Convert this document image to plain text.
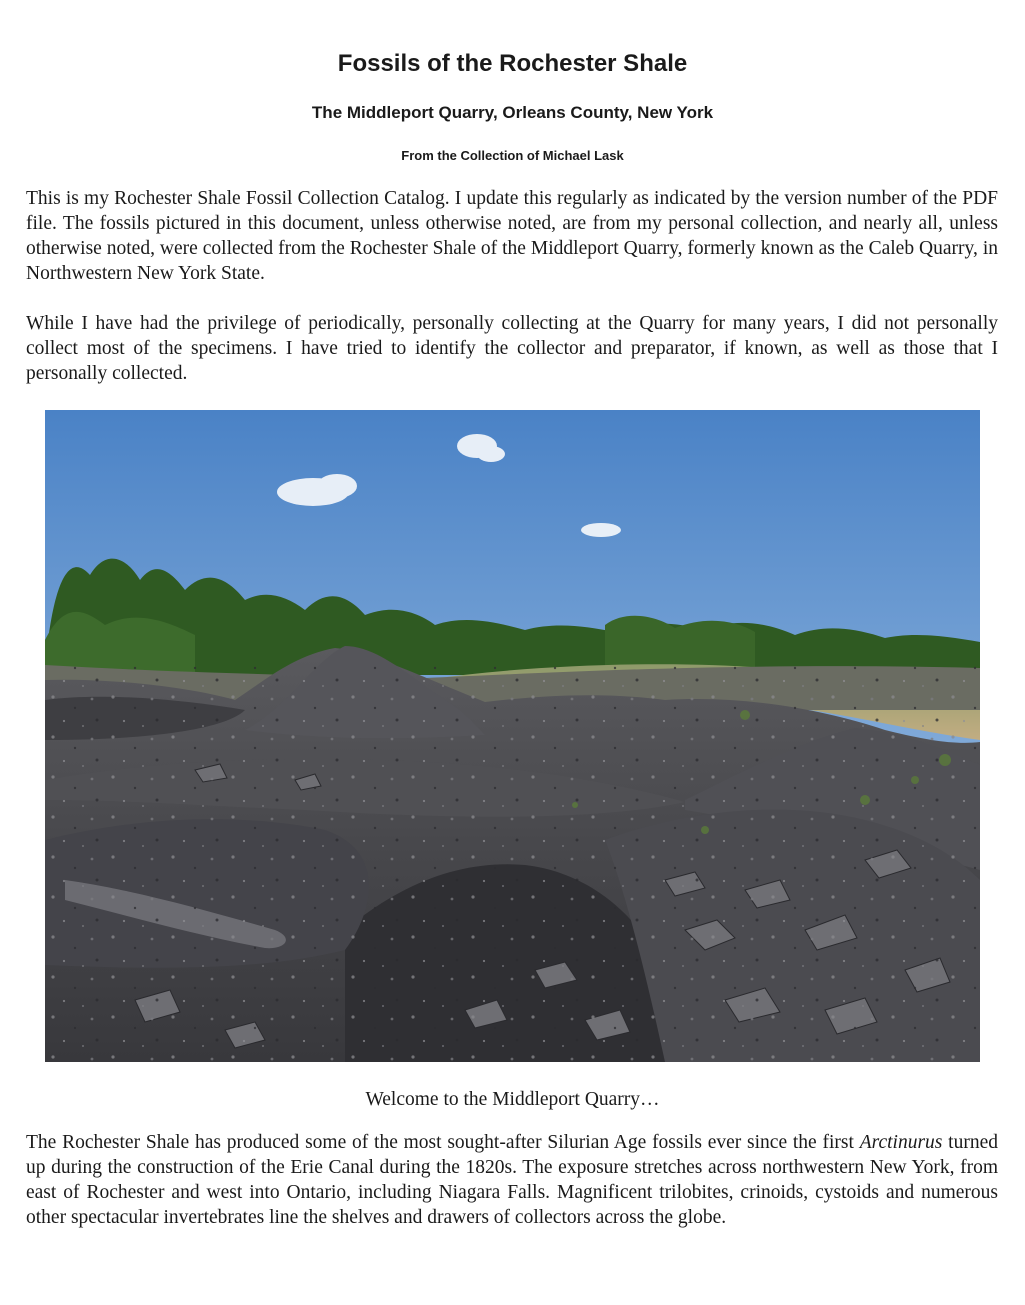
Fossils of the Rochester Shale
The Middleport Quarry, Orleans County, New York

From the Collection of Michael Lask

This is my Rochester Shale Fossil Collection Catalog. I update this regularly as indicated by the version number of the PDF file. The fossils pictured in this document, unless otherwise noted, are from my personal collection, and nearly all, unless otherwise noted, were collected from the Rochester Shale of the Middleport Quarry, formerly known as the Caleb Quarry, in Northwestern New York State.

While I have had the privilege of periodically, personally collecting at the Quarry for many years, I did not personally collect most of the specimens. I have tried to identify the collector and preparator, if known, as well as those that I personally collected.

Welcome to the Middleport Quarry…

The Rochester Shale has produced some of the most sought-after Silurian Age fossils ever since the first Arctinurus turned up during the construction of the Erie Canal during the 1820s. The exposure stretches across northwestern New York, from east of Rochester and west into Ontario, including Niagara Falls. Magnificent trilobites, crinoids, cystoids and numerous other spectacular invertebrates line the shelves and drawers of collectors across the globe.
